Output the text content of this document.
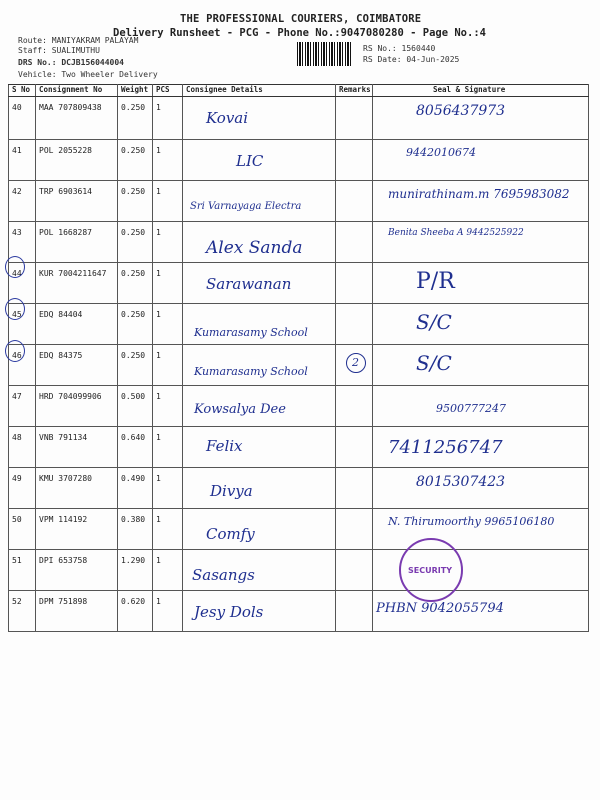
THE PROFESSIONAL COURIERS, COIMBATORE
Delivery Runsheet - PCG - Phone No.:9047080280 - Page No.:4
Route: MANIYAKRAM PALAYAM
Staff: SUALIMUTHU
DRS No.: DCJB156044004
Vehicle: Two Wheeler Delivery
RS No.: 1560440
RS Date: 04-Jun-2025
S No	Consignment No	Weight	PCS	Consignee Details	Remarks	Seal & Signature
40	MAA 707809438	0.250	1	Kovai		8056437973

41	POL 2055228	0.250	1	LIC		9442010674

42	TRP 6903614	0.250	1	Sri Varnayaga Electra		munirathinam.m 7695983082

43	POL 1668287	0.250	1	Alex Sanda		Benita Sheeba A 9442525922

44	KUR 7004211647	0.250	1	Sarawanan		P/R

45	EDQ 84404	0.250	1	Kumarasamy School		S/C

46	EDQ 84375	0.250	1	Kumarasamy School	2	S/C

47	HRD 704099906	0.500	1	Kowsalya Dee		9500777247

48	VNB 791134	0.640	1	Felix		7411256747

49	KMU 3707280	0.490	1	Divya		8015307423

50	VPM 114192	0.380	1	Comfy		N. Thirumoorthy 9965106180

51	DPI 653758	1.290	1	Sasangs		SECURITY

52	DPM 751898	0.620	1	Jesy Dols		PHBN 9042055794
